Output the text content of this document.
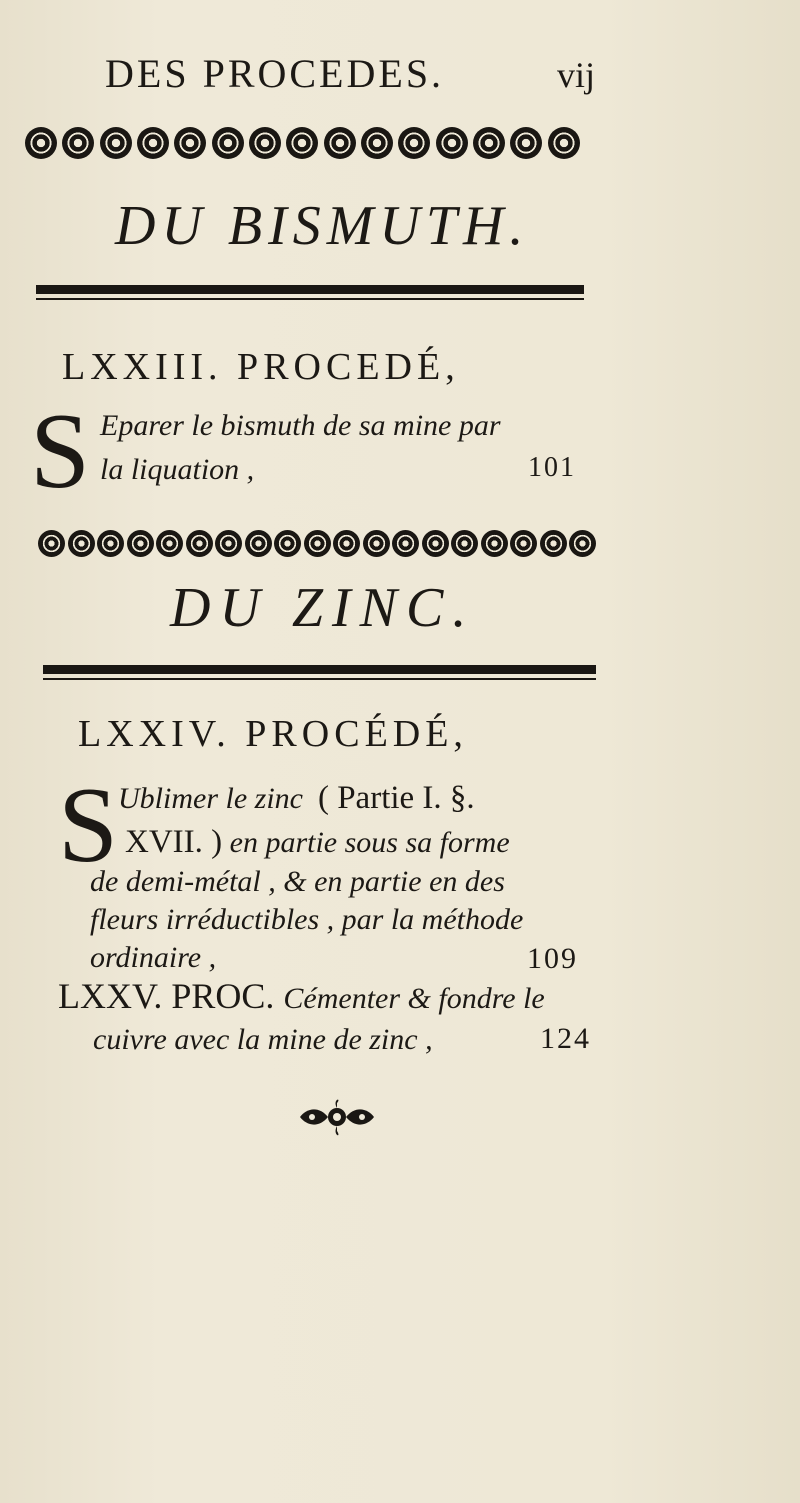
DES PROCEDES.	vij
DU BISMUTH.
LXXIII. PROCEDÉ,
S Eparer le bismuth de sa mine par
la liquation ,	101
DU ZINC.
LXXIV. PROCÉDÉ,
S Ublimer le zinc ( Partie I. §.
XVII. ) en partie sous sa forme
de demi-métal , & en partie en des
fleurs irréductibles , par la méthode
ordinaire ,	109
LXXV. PROC. Cémenter & fondre le
cuivre avec la mine de zinc ,	124
